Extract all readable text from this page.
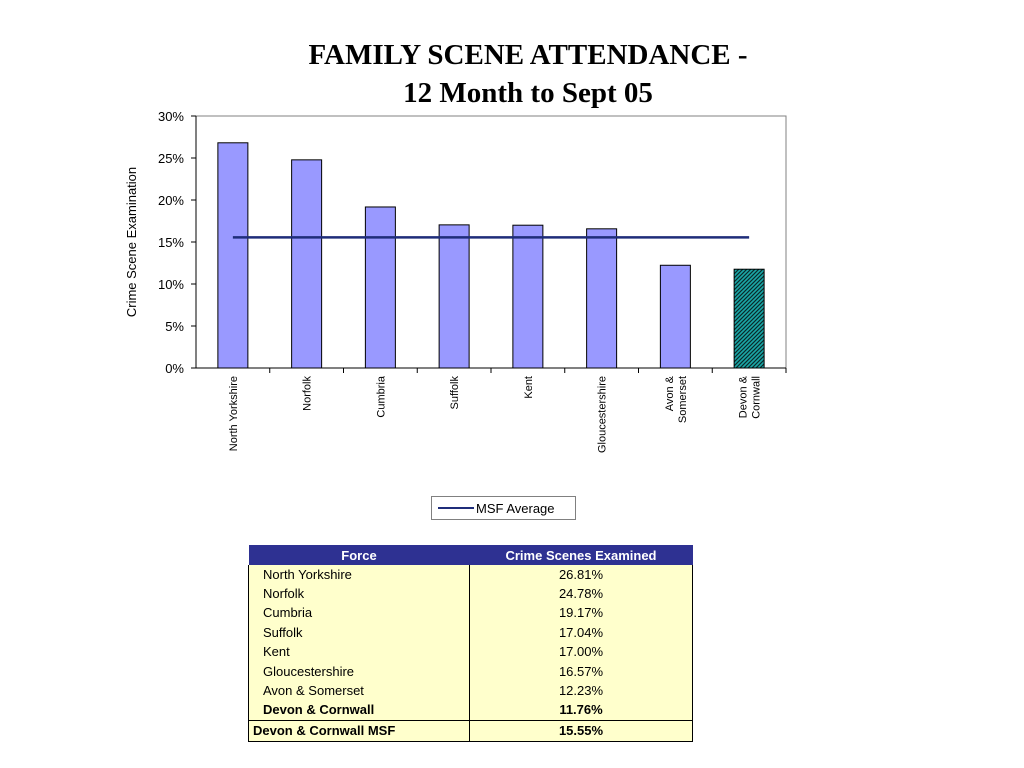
FAMILY SCENE ATTENDANCE -
12 Month to Sept 05
0%
5%
10%
15%
20%
25%
30%
Crime Scene Examination
North Yorkshire	Norfolk	Cumbria	Suffolk	Kent	Gloucestershire	Avon & Somerset	Devon & Cornwall
MSF Average
Force	Crime Scenes Examined
North Yorkshire	26.81%
Norfolk	24.78%
Cumbria	19.17%
Suffolk	17.04%
Kent	17.00%
Gloucestershire	16.57%
Avon & Somerset	12.23%
Devon & Cornwall	11.76%
Devon & Cornwall MSF	15.55%
